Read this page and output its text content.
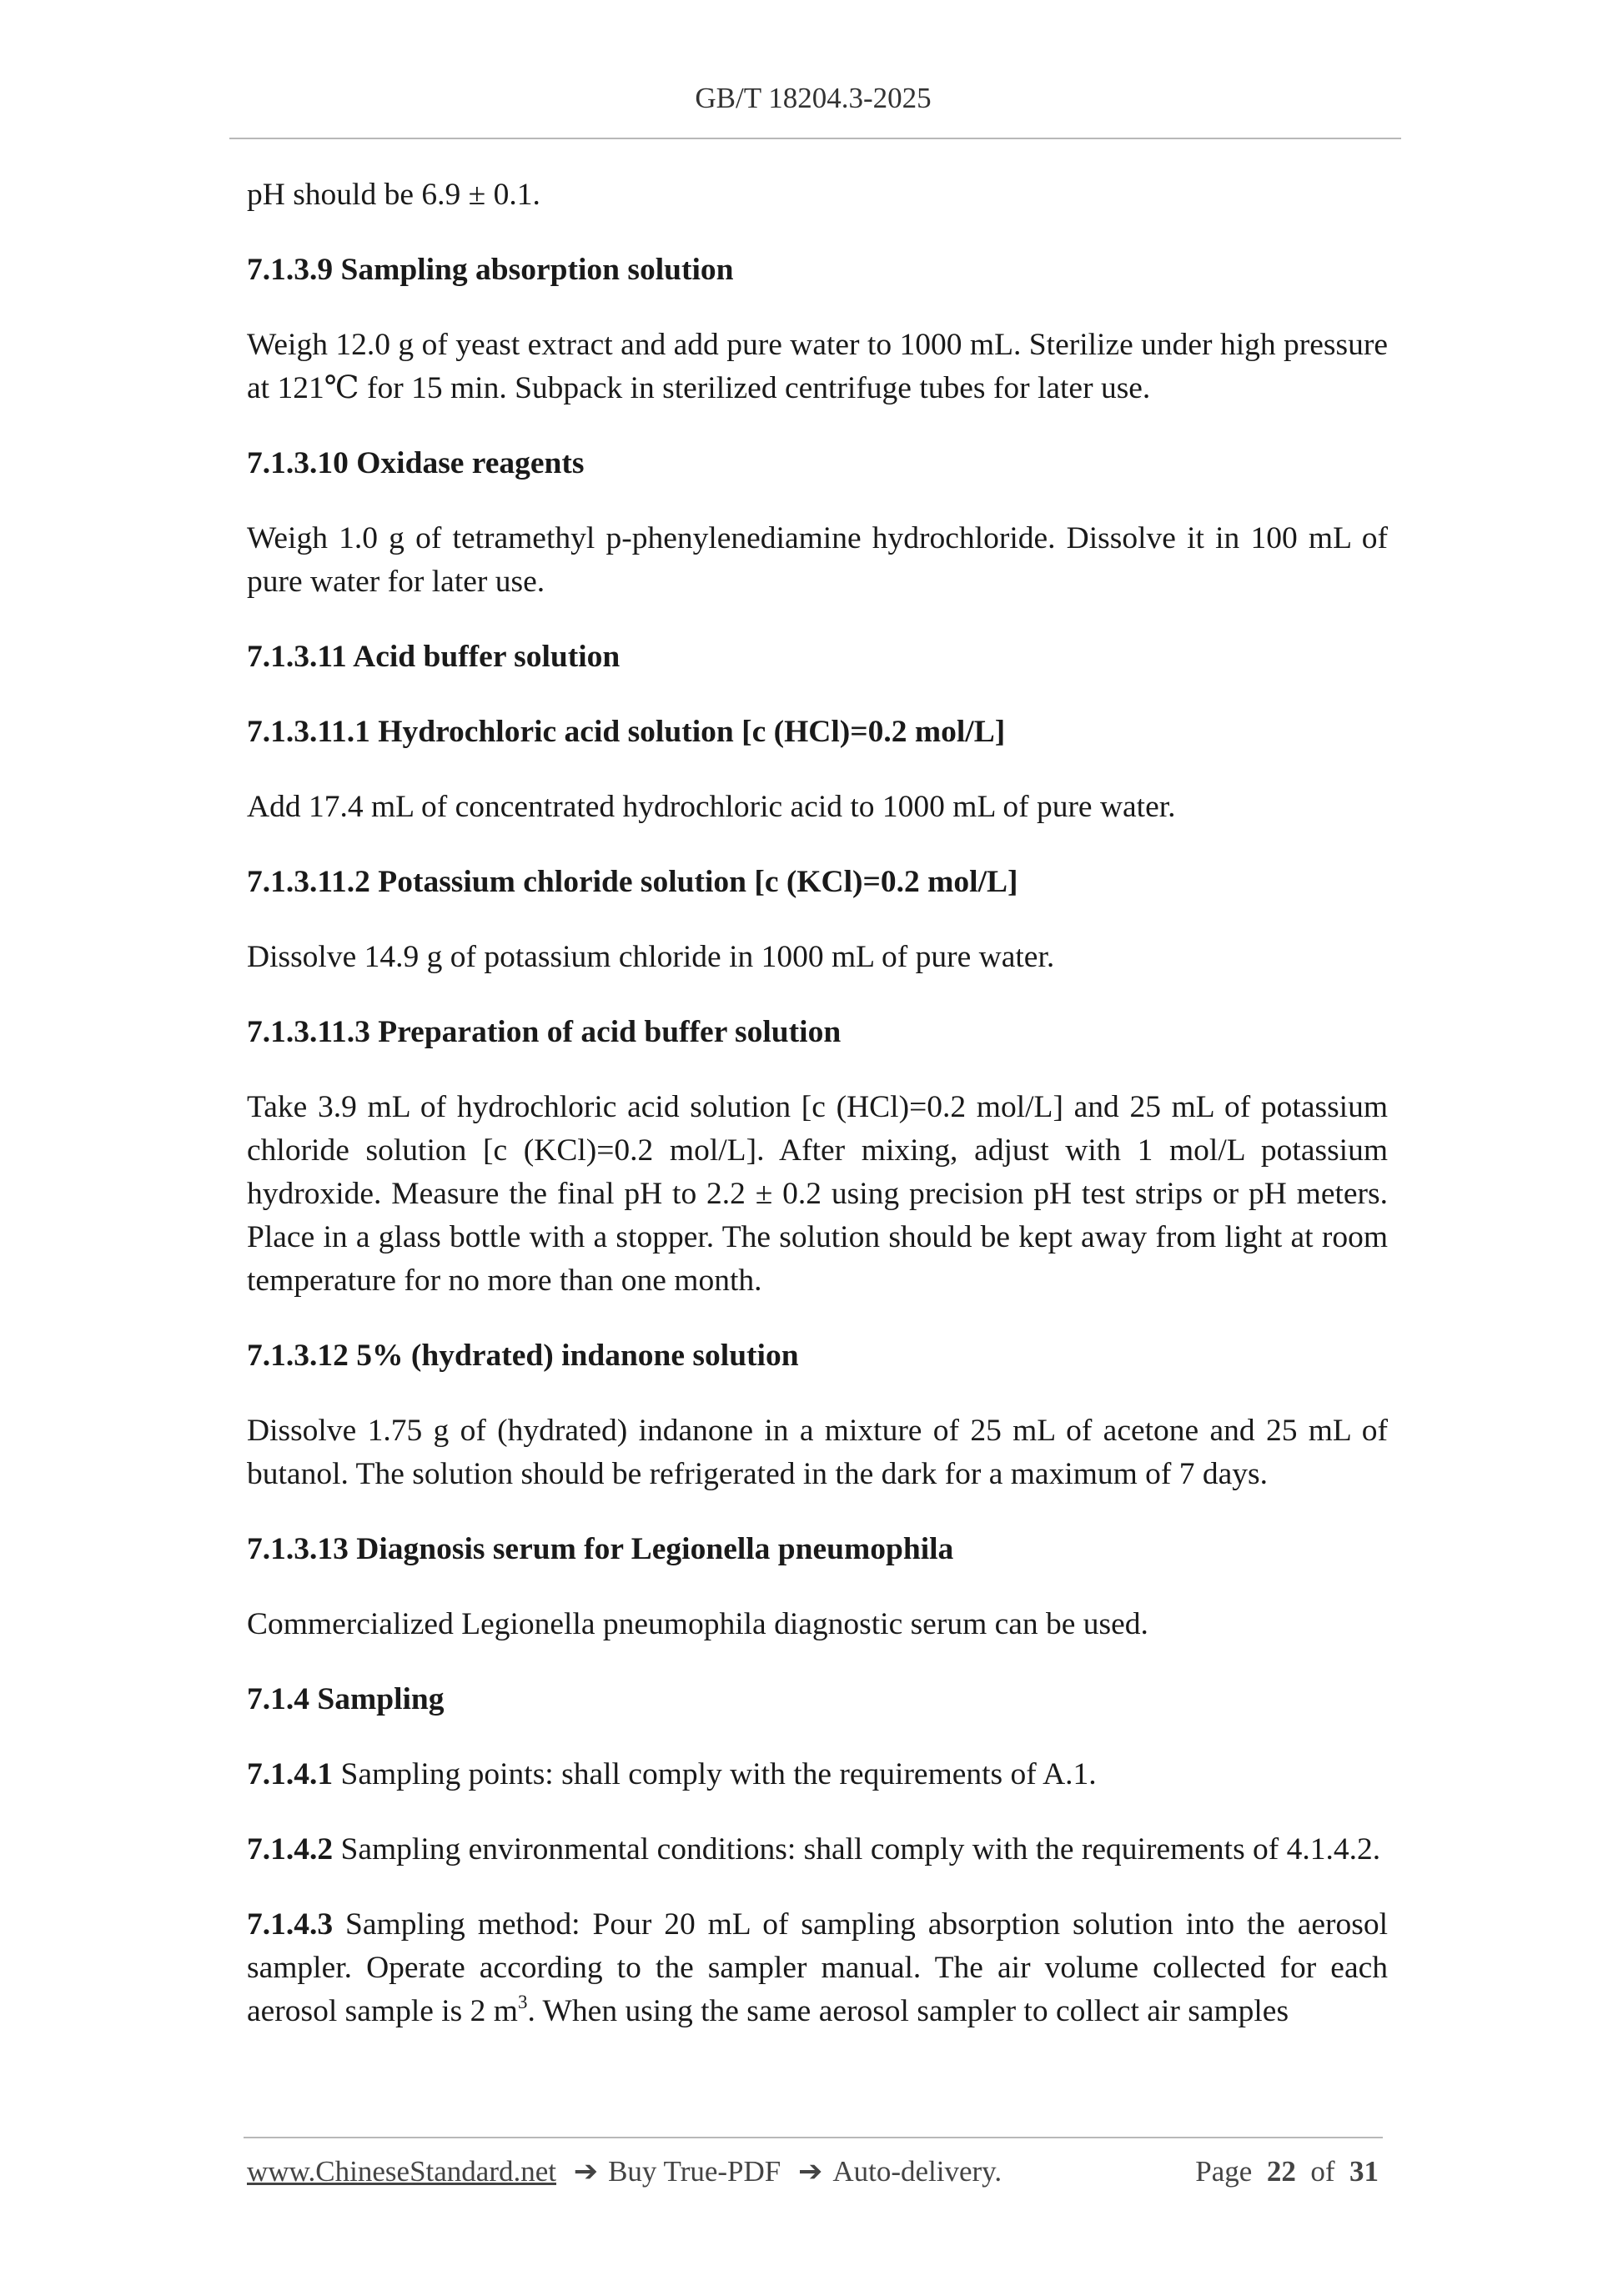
GB/T 18204.3-2025

pH should be 6.9 ± 0.1.

7.1.3.9 Sampling absorption solution

Weigh 12.0 g of yeast extract and add pure water to 1000 mL. Sterilize under high pressure at 121℃ for 15 min. Subpack in sterilized centrifuge tubes for later use.

7.1.3.10 Oxidase reagents

Weigh 1.0 g of tetramethyl p-phenylenediamine hydrochloride. Dissolve it in 100 mL of pure water for later use.

7.1.3.11 Acid buffer solution

7.1.3.11.1 Hydrochloric acid solution [c (HCl)=0.2 mol/L]

Add 17.4 mL of concentrated hydrochloric acid to 1000 mL of pure water.

7.1.3.11.2 Potassium chloride solution [c (KCl)=0.2 mol/L]

Dissolve 14.9 g of potassium chloride in 1000 mL of pure water.

7.1.3.11.3 Preparation of acid buffer solution

Take 3.9 mL of hydrochloric acid solution [c (HCl)=0.2 mol/L] and 25 mL of potassium chloride solution [c (KCl)=0.2 mol/L]. After mixing, adjust with 1 mol/L potassium hydroxide. Measure the final pH to 2.2 ± 0.2 using precision pH test strips or pH meters. Place in a glass bottle with a stopper. The solution should be kept away from light at room temperature for no more than one month.

7.1.3.12 5% (hydrated) indanone solution

Dissolve 1.75 g of (hydrated) indanone in a mixture of 25 mL of acetone and 25 mL of butanol. The solution should be refrigerated in the dark for a maximum of 7 days.

7.1.3.13 Diagnosis serum for Legionella pneumophila

Commercialized Legionella pneumophila diagnostic serum can be used.

7.1.4 Sampling

7.1.4.1 Sampling points: shall comply with the requirements of A.1.

7.1.4.2 Sampling environmental conditions: shall comply with the requirements of 4.1.4.2.

7.1.4.3 Sampling method: Pour 20 mL of sampling absorption solution into the aerosol sampler. Operate according to the sampler manual. The air volume collected for each aerosol sample is 2 $m^3$. When using the same aerosol sampler to collect air samples

www.ChineseStandard.net ➔ Buy True-PDF ➔ Auto-delivery.	Page 22 of 31
